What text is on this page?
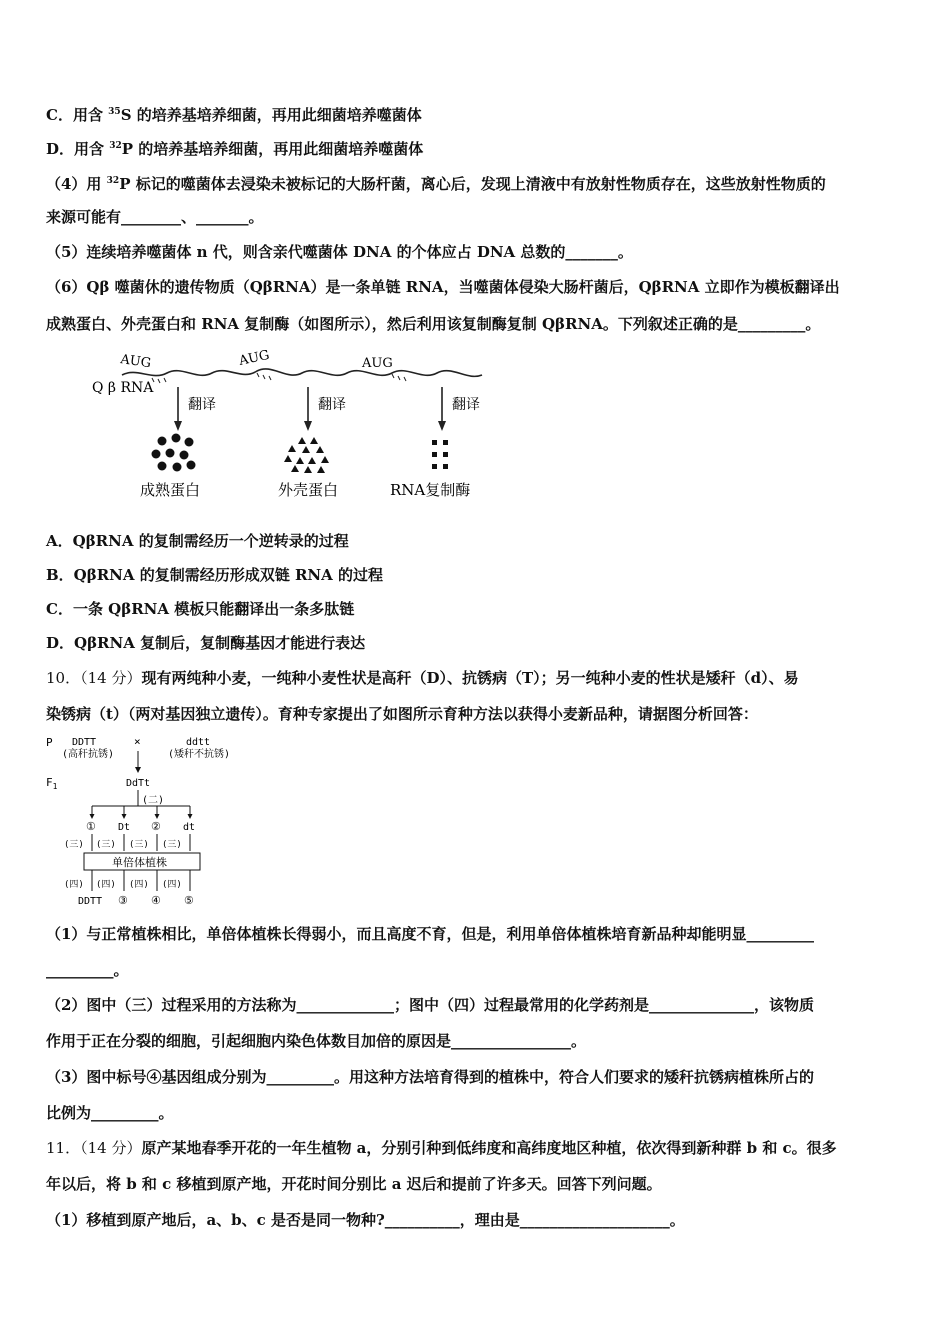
C．用含 $^{35}$S 的培养基培养细菌，再用此细菌培养噬菌体
D．用含 $^{32}$P 的培养基培养细菌，再用此细菌培养噬菌体
（4）用 $^{32}$P 标记的噬菌体去浸染未被标记的大肠杆菌，离心后，发现上清液中有放射性物质存在，这些放射性物质的
来源可能有________、_______。
（5）连续培养噬菌体 n 代，则含亲代噬菌体 DNA 的个体应占 DNA 总数的_______。
（6）Qβ 噬菌休的遗传物质（QβRNA）是一条单链 RNA，当噬菌体侵染大肠杆菌后，QβRNA 立即作为模板翻译出
成熟蛋白、外壳蛋白和 RNA 复制酶（如图所示），然后利用该复制酶复制 QβRNA。下列叙述正确的是_________。
Q β RNA
AUG	AUG	AUG
翻译	翻译	翻译
成熟蛋白	外壳蛋白	RNA复制酶
A．QβRNA 的复制需经历一个逆转录的过程
B．QβRNA 的复制需经历形成双链 RNA 的过程
C．一条 QβRNA 模板只能翻译出一条多肽链
D．QβRNA 复制后，复制酶基因才能进行表达
10．（14 分）现有两纯种小麦，一纯种小麦性状是高秆（D）、抗锈病（T）；另一纯种小麦的性状是矮秆（d）、易
染锈病（t）（两对基因独立遗传）。育种专家提出了如图所示育种方法以获得小麦新品种，请据图分析回答：
P DDTT
(高秆抗锈)
×	ddtt
(矮秆不抗锈)
$F_1$	DdTt
(二)
① Dt ② dt
(三) (三) (三) (三)
单倍体植株
(四) (四) (四) (四)
DDTT ③ ④ ⑤
（1）与正常植株相比，单倍体植株长得弱小，而且高度不育，但是，利用单倍体植株培育新品种却能明显_________
_________。
（2）图中（三）过程采用的方法称为_____________；图中（四）过程最常用的化学药剂是______________，该物质
作用于正在分裂的细胞，引起细胞内染色体数目加倍的原因是________________。
（3）图中标号④基因组成分别为_________。用这种方法培育得到的植株中，符合人们要求的矮秆抗锈病植株所占的
比例为_________。
11．（14 分）原产某地春季开花的一年生植物 a，分别引种到低纬度和高纬度地区种植，依次得到新种群 b 和 c。很多
年以后，将 b 和 c 移植到原产地，开花时间分别比 a 迟后和提前了许多天。回答下列问题。
（1）移植到原产地后，a、b、c 是否是同一物种?__________，理由是____________________。
